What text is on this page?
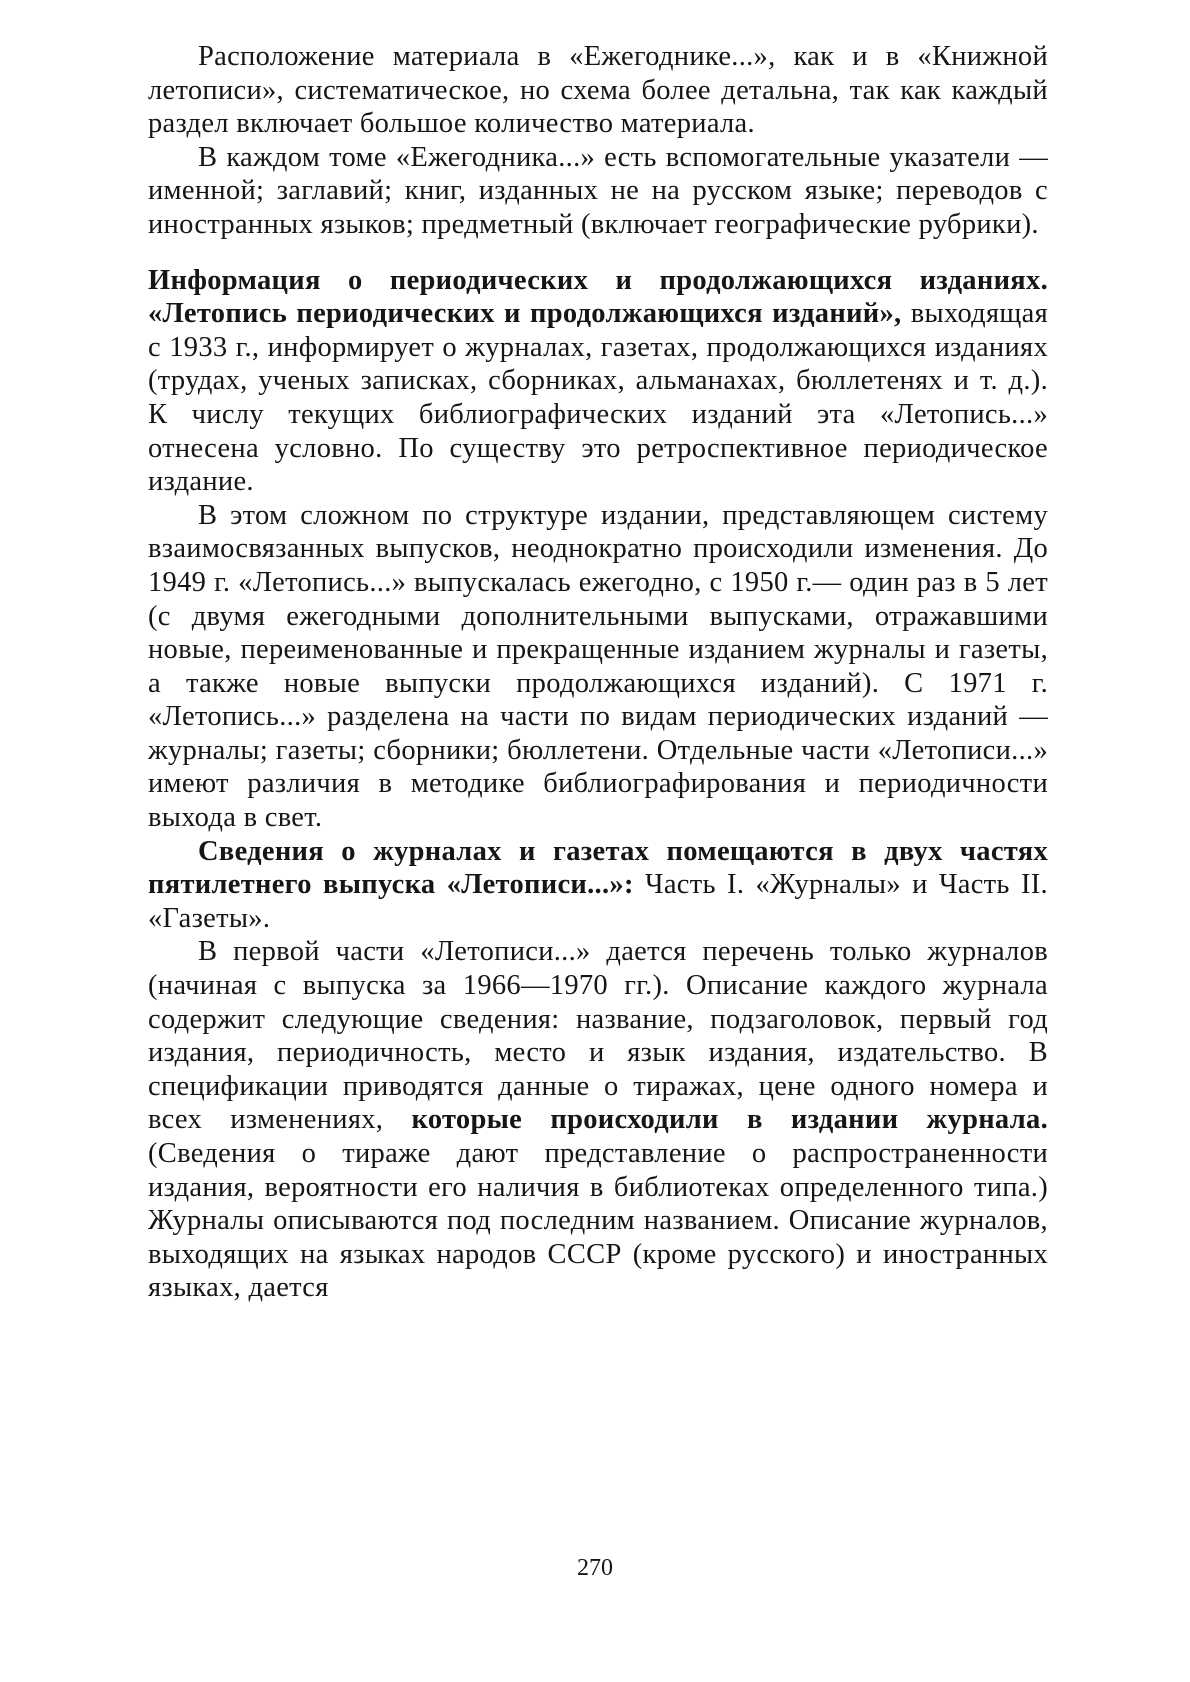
Расположение материала в «Ежегоднике...», как и в «Книжной летописи», систематическое, но схема более детальна, так как каждый раздел включает большое количество материала.

В каждом томе «Ежегодника...» есть вспомогательные указатели — именной; заглавий; книг, изданных не на русском языке; переводов с иностранных языков; предметный (включает географические рубрики).

Информация о периодических и продолжающихся изданиях. «Летопись периодических и продолжающихся изданий», выходящая с 1933 г., информирует о журналах, газетах, продолжающихся изданиях (трудах, ученых записках, сборниках, альманахах, бюллетенях и т. д.). К числу текущих библиографических изданий эта «Летопись...» отнесена условно. По существу это ретроспективное периодическое издание.

В этом сложном по структуре издании, представляющем систему взаимосвязанных выпусков, неоднократно происходили изменения. До 1949 г. «Летопись...» выпускалась ежегодно, с 1950 г.— один раз в 5 лет (с двумя ежегодными дополнительными выпусками, отражавшими новые, переименованные и прекращенные изданием журналы и газеты, а также новые выпуски продолжающихся изданий). С 1971 г. «Летопись...» разделена на части по видам периодических изданий — журналы; газеты; сборники; бюллетени. Отдельные части «Летописи...» имеют различия в методике библиографирования и периодичности выхода в свет.

Сведения о журналах и газетах помещаются в двух частях пятилетнего выпуска «Летописи...»: Часть I. «Журналы» и Часть II. «Газеты».

В первой части «Летописи...» дается перечень только журналов (начиная с выпуска за 1966—1970 гг.). Описание каждого журнала содержит следующие сведения: название, подзаголовок, первый год издания, периодичность, место и язык издания, издательство. В спецификации приводятся данные о тиражах, цене одного номера и всех изменениях, которые происходили в издании журнала. (Сведения о тираже дают представление о распространенности издания, вероятности его наличия в библиотеках определенного типа.) Журналы описываются под последним названием. Описание журналов, выходящих на языках народов СССР (кроме русского) и иностранных языках, дается

270
